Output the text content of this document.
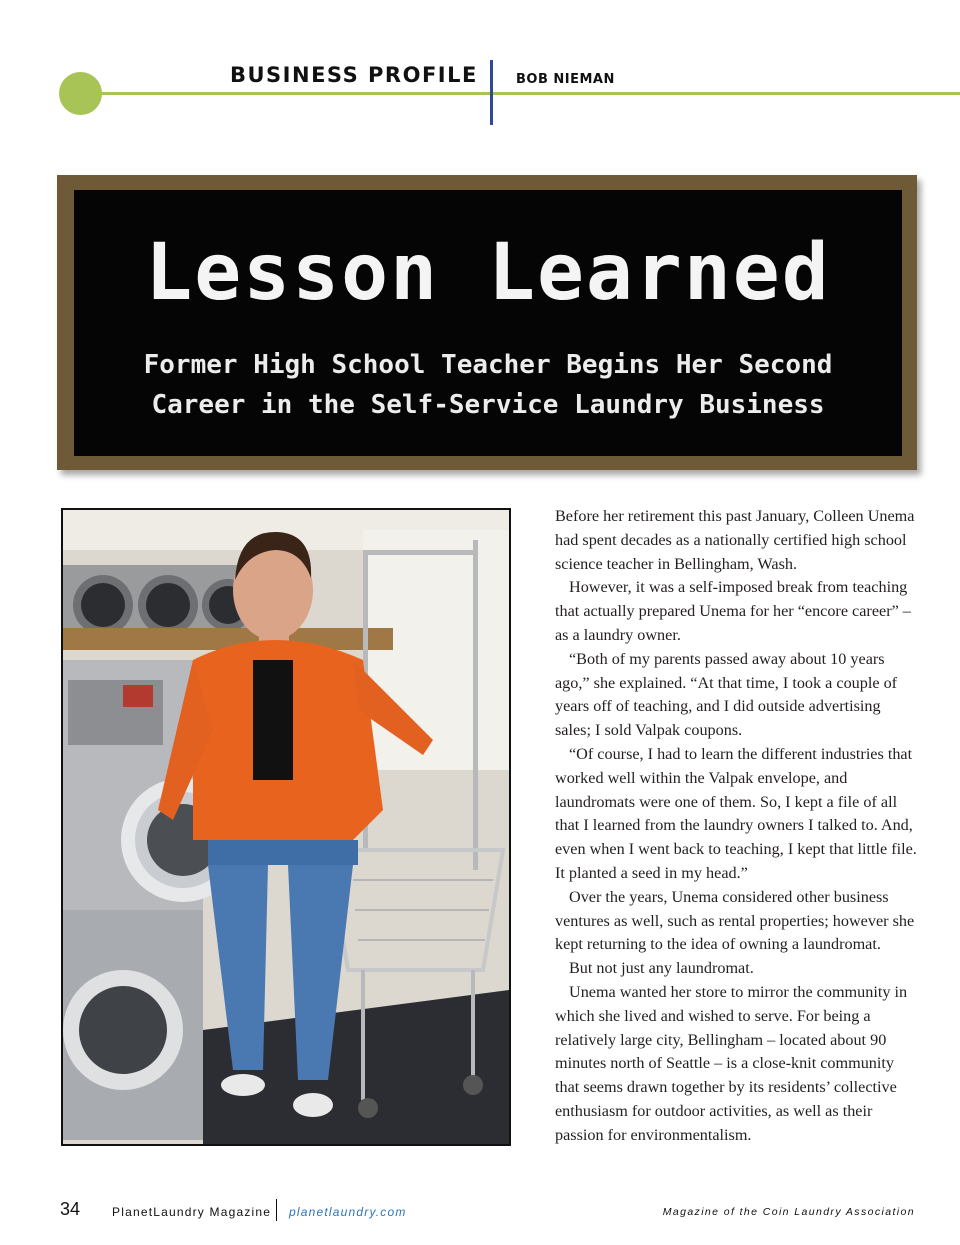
BUSINESS PROFILE	BOB NIEMAN
Lesson Learned
Former High School Teacher Begins Her Second
Career in the Self-Service Laundry Business

Before her retirement this past January, Colleen Unema had spent decades as a nationally certified high school science teacher in Bellingham, Wash.

However, it was a self-imposed break from teaching that actually prepared Unema for her “encore career” – as a laundry owner.

“Both of my parents passed away about 10 years ago,” she explained. “At that time, I took a couple of years off of teaching, and I did outside advertising sales; I sold Valpak coupons.

“Of course, I had to learn the different industries that worked well within the Valpak envelope, and laundromats were one of them. So, I kept a file of all that I learned from the laundry owners I talked to. And, even when I went back to teaching, I kept that little file. It planted a seed in my head.”

Over the years, Unema considered other business ventures as well, such as rental properties; however she kept returning to the idea of owning a laundromat.

But not just any laundromat.

Unema wanted her store to mirror the community in which she lived and wished to serve. For being a relatively large city, Bellingham – located about 90 minutes north of Seattle – is a close-knit community that seems drawn together by its residents’ collective enthusiasm for outdoor activities, as well as their passion for environmentalism.

34	PlanetLaundry Magazine planetlaundry.com	Magazine of the Coin Laundry Association
